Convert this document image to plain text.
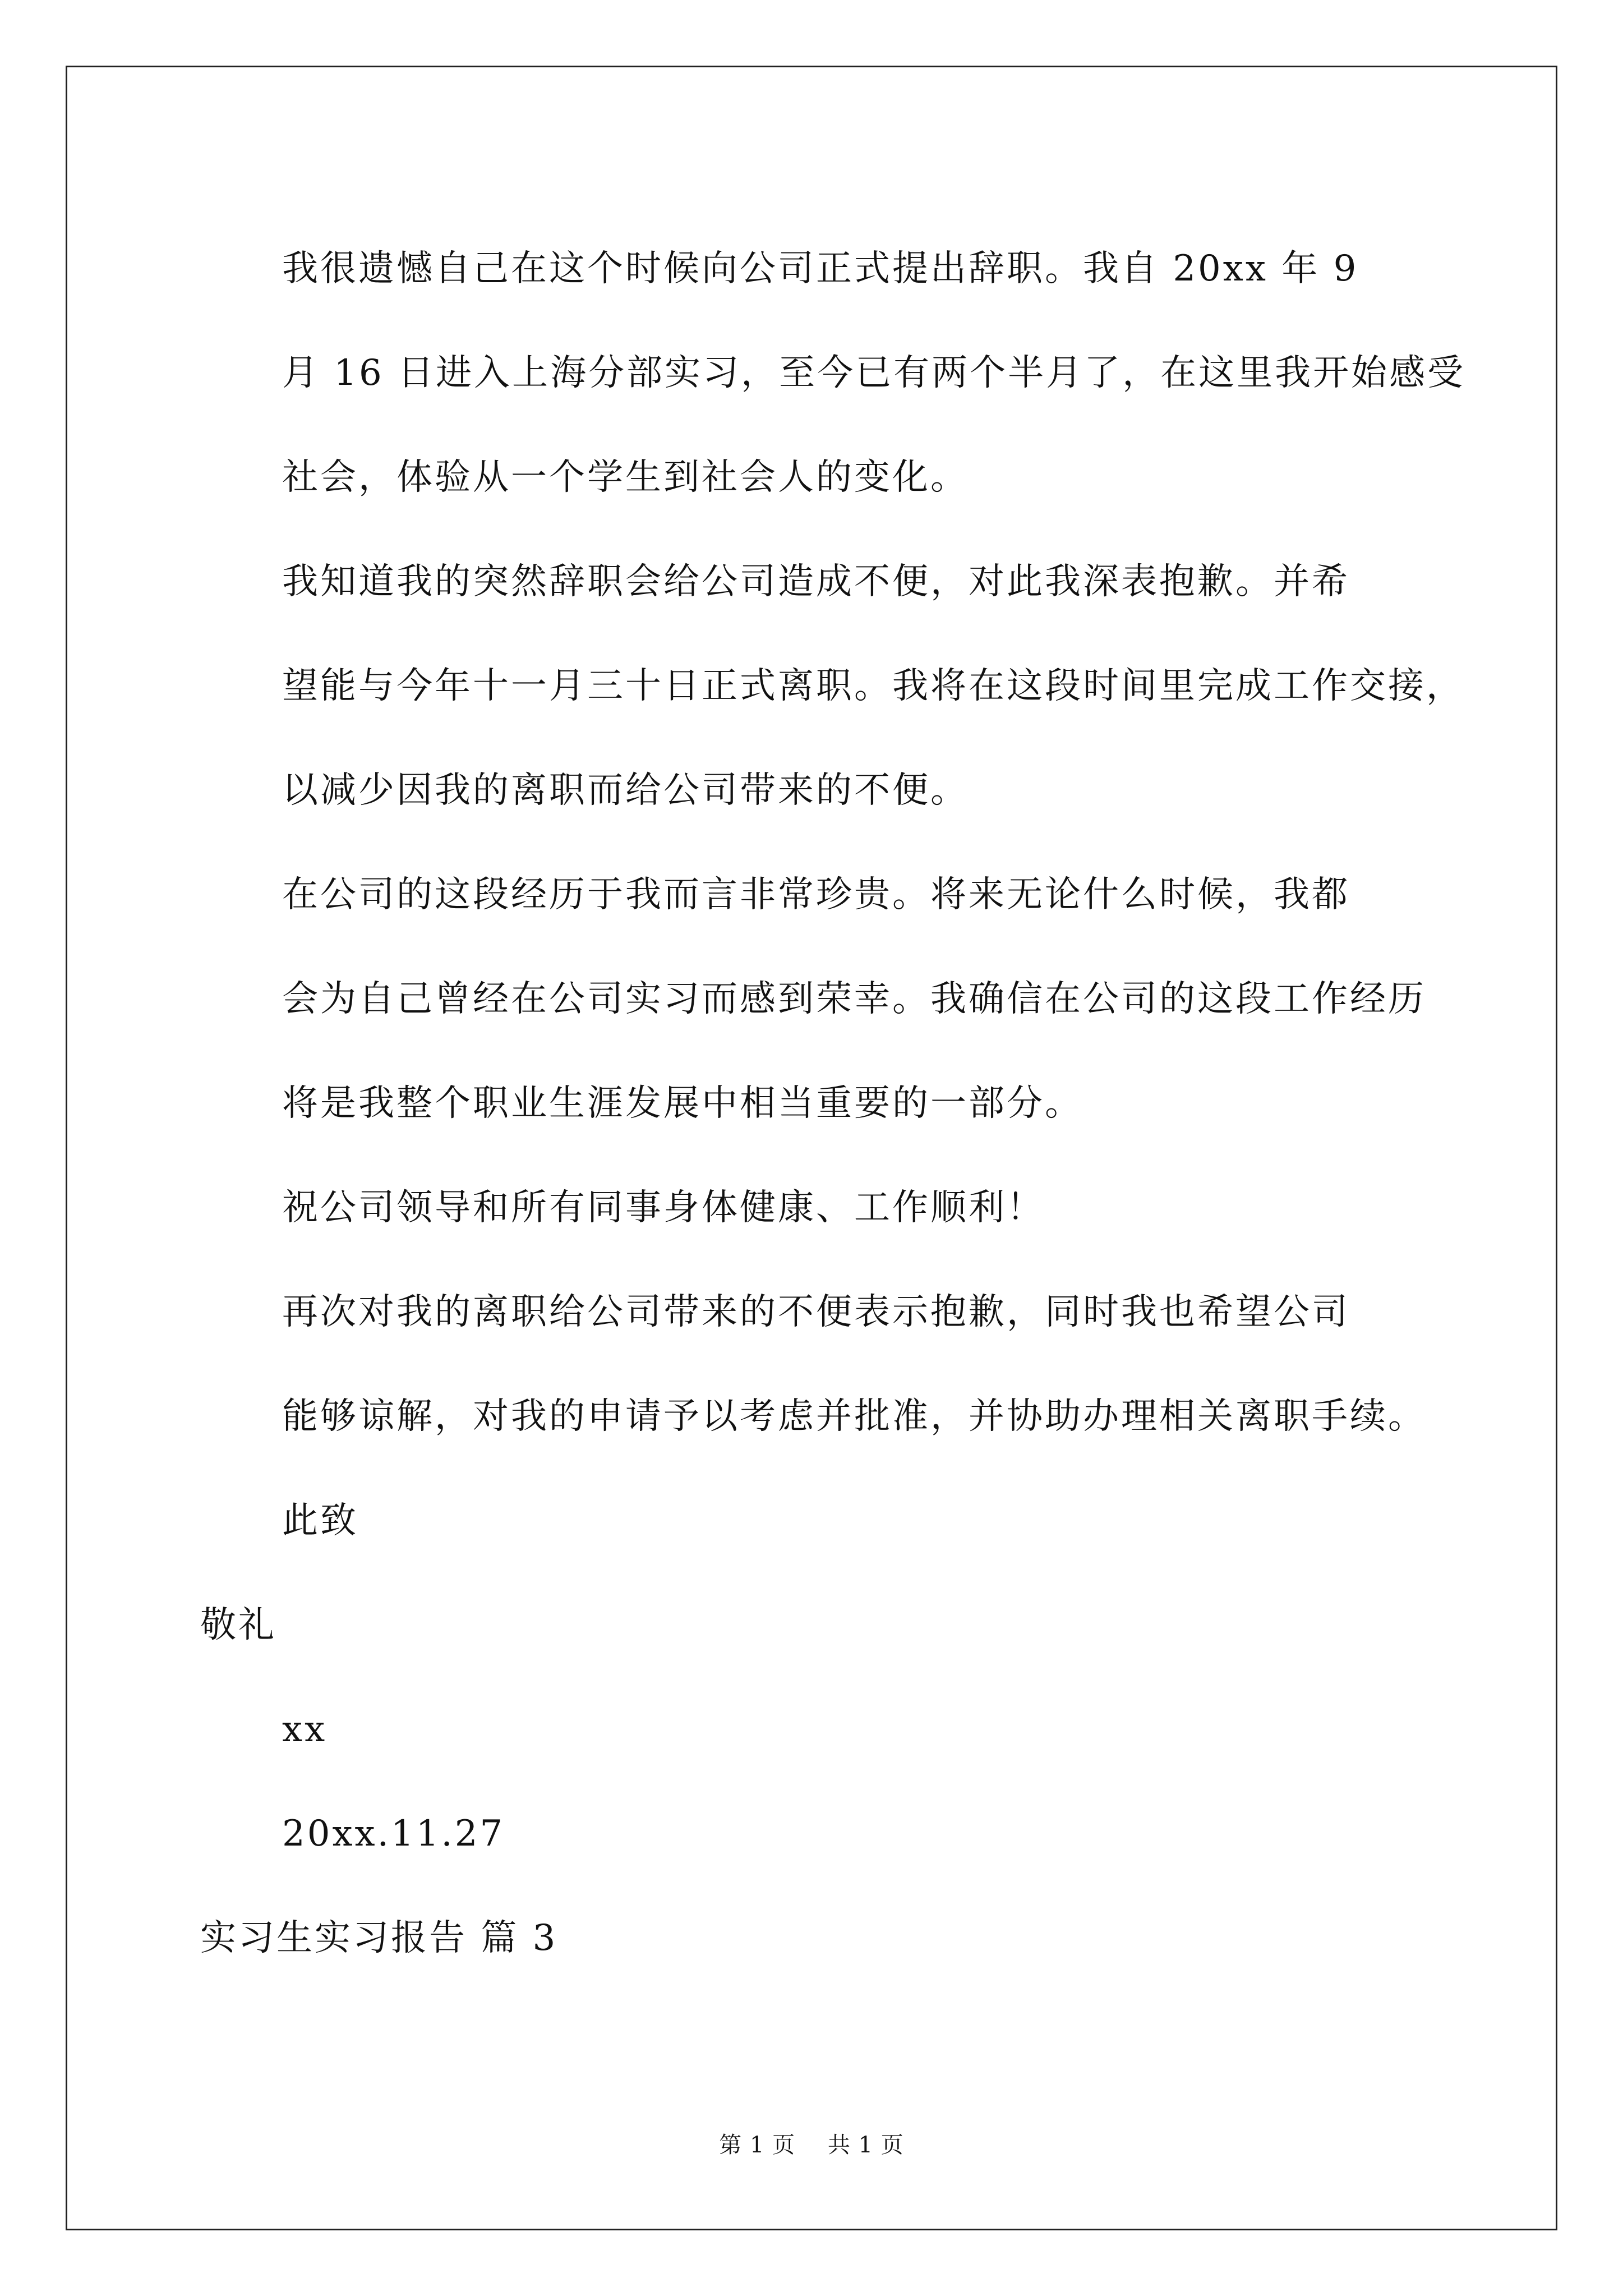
我很遗憾自己在这个时候向公司正式提出辞职。我自 20xx 年 9
月 16 日进入上海分部实习，至今已有两个半月了，在这里我开始感受
社会，体验从一个学生到社会人的变化。

我知道我的突然辞职会给公司造成不便，对此我深表抱歉。并希
望能与今年十一月三十日正式离职。我将在这段时间里完成工作交接，
以减少因我的离职而给公司带来的不便。

在公司的这段经历于我而言非常珍贵。将来无论什么时候，我都
会为自己曾经在公司实习而感到荣幸。我确信在公司的这段工作经历
将是我整个职业生涯发展中相当重要的一部分。

祝公司领导和所有同事身体健康、工作顺利！

再次对我的离职给公司带来的不便表示抱歉，同时我也希望公司
能够谅解，对我的申请予以考虑并批准，并协助办理相关离职手续。

此致

敬礼

xx

20xx.11.27

实习生实习报告 篇 3

第 1 页 共 1 页
